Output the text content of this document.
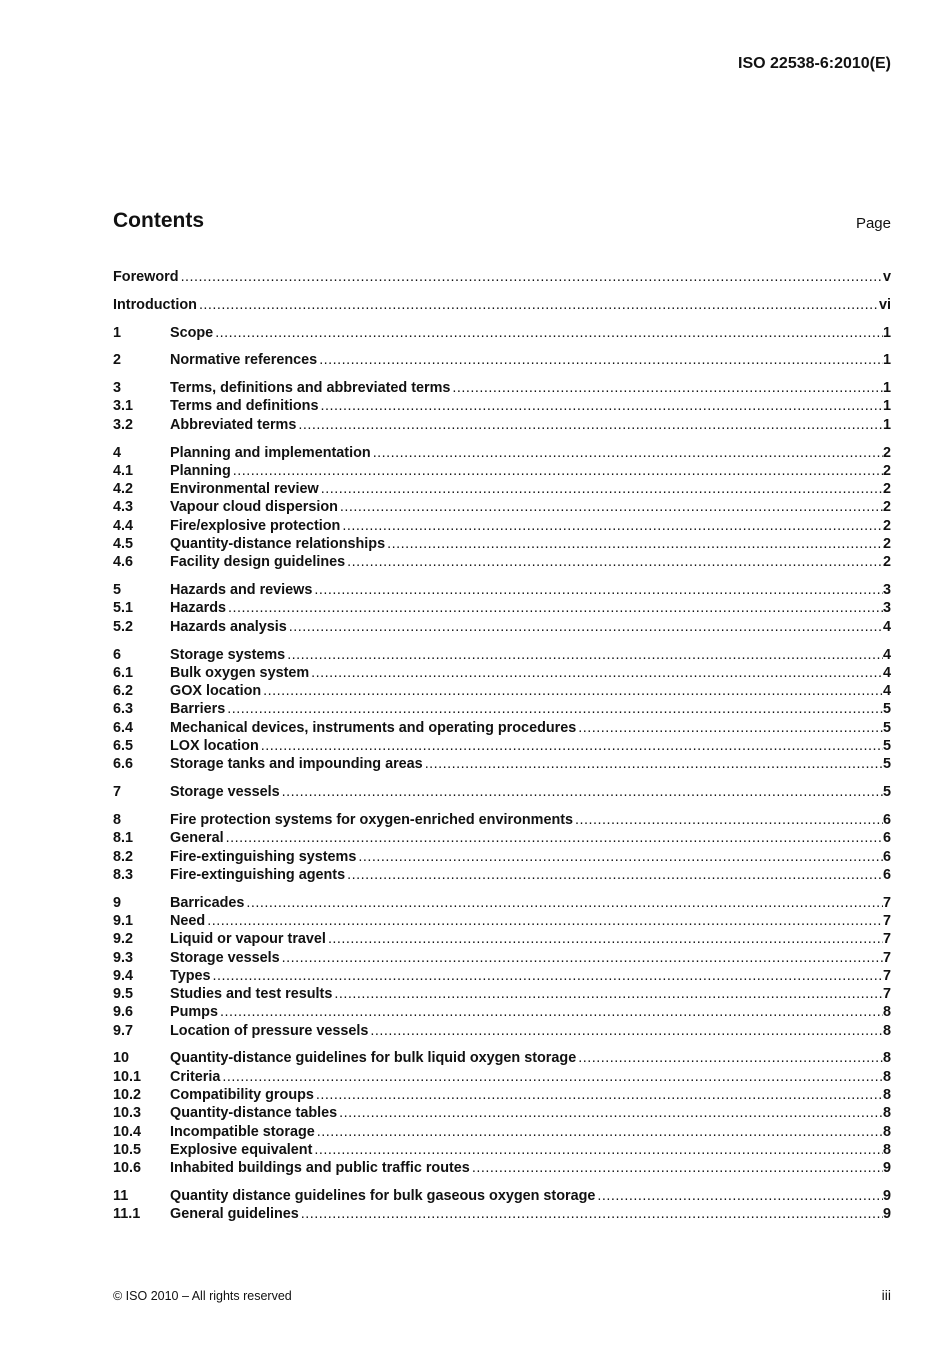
ISO 22538-6:2010(E)
Contents	Page
Foreword .....	v
Introduction .....	vi
1	Scope .....	1
2	Normative references .....	1
3	Terms, definitions and abbreviated terms .....	1
3.1	Terms and definitions .....	1
3.2	Abbreviated terms .....	1
4	Planning and implementation .....	2
4.1	Planning .....	2
4.2	Environmental review .....	2
4.3	Vapour cloud dispersion .....	2
4.4	Fire/explosive protection .....	2
4.5	Quantity-distance relationships .....	2
4.6	Facility design guidelines .....	2
5	Hazards and reviews .....	3
5.1	Hazards .....	3
5.2	Hazards analysis .....	4
6	Storage systems .....	4
6.1	Bulk oxygen system .....	4
6.2	GOX location .....	4
6.3	Barriers .....	5
6.4	Mechanical devices, instruments and operating procedures .....	5
6.5	LOX location .....	5
6.6	Storage tanks and impounding areas .....	5
7	Storage vessels .....	5
8	Fire protection systems for oxygen-enriched environments .....	6
8.1	General .....	6
8.2	Fire-extinguishing systems .....	6
8.3	Fire-extinguishing agents .....	6
9	Barricades .....	7
9.1	Need .....	7
9.2	Liquid or vapour travel .....	7
9.3	Storage vessels .....	7
9.4	Types .....	7
9.5	Studies and test results .....	7
9.6	Pumps .....	8
9.7	Location of pressure vessels .....	8
10	Quantity-distance guidelines for bulk liquid oxygen storage .....	8
10.1	Criteria .....	8
10.2	Compatibility groups .....	8
10.3	Quantity-distance tables .....	8
10.4	Incompatible storage .....	8
10.5	Explosive equivalent .....	8
10.6	Inhabited buildings and public traffic routes .....	9
11	Quantity distance guidelines for bulk gaseous oxygen storage .....	9
11.1	General guidelines .....	9
© ISO 2010 – All rights reserved	iii
